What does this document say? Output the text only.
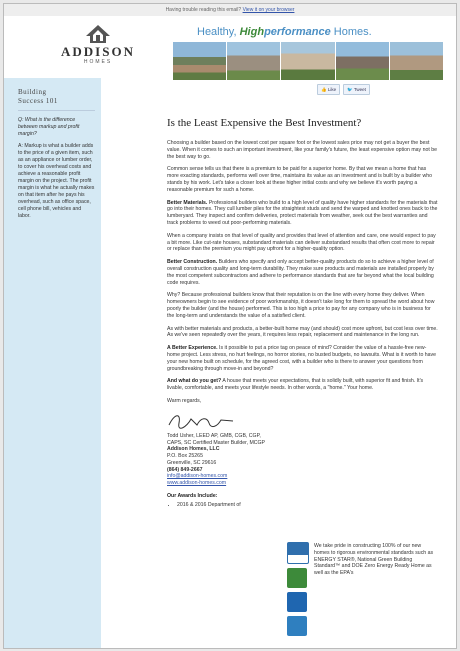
Having trouble reading this email? View it on your browser
ADDISON
HOMES
Healthy, Highperformance Homes.
Building
Success 101
Q: What is the difference between markup and profit margin?
A: Markup is what a builder adds to the price of a given item, such as an appliance or lumber order, to cover his overhead costs and achieve a reasonable profit margin on the project. The profit margin is what he actually makes on that item after he pays his overhead, such as office space, cell phone bill, vehicles and labor.
👍 Like	🐦 Tweet
Is the Least Expensive the Best Investment?

Choosing a builder based on the lowest cost per square foot or the lowest sales price may not get a buyer the best value. When it comes to such an important investment, like your family's future, the least expensive option may not be the best way to go.

Common sense tells us that there is a premium to be paid for a superior home. By that we mean a home that has more exacting standards, performs well over time, maintains its value as an investment and is built by a builder who stands by his work. Let's take a closer look at these higher initial costs and why we believe it's worth paying a reasonable premium for such a home.

Better Materials. Professional builders who build to a high level of quality have higher standards for the materials that go into their homes. They cull lumber piles for the straightest studs and send the warped and knotted ones back to the lumberyard. They inspect and confirm deliveries, protect materials from weather, seek out the best warranties and track problems to weed out poor-performing materials.

When a company insists on that level of quality and provides that level of attention and care, one would expect to pay a bit more. Like cut-rate houses, substandard materials can deliver substandard results that often cost more to repair or replace than the premium you might pay upfront for a higher-quality option.

Better Construction. Builders who specify and only accept better-quality products do so to achieve a higher level of overall construction quality and long-term durability. They make sure products and materials are installed properly by the most competent subcontractors and adhere to performance standards that are far beyond what the local building code requires.

Why? Because professional builders know that their reputation is on the line with every home they deliver. When homeowners begin to see evidence of poor workmanship, it doesn't take long for them to spread the word about how poorly the builder (and the house) performed. This is too high a price to pay for any company who is in business for the long-term and understands the value of a satisfied client.

As with better materials and products, a better-built home may (and should) cost more upfront, but cost less over time. As we've seen repeatedly over the years, it requires less repair, replacement and maintenance in the long run.

A Better Experience. Is it possible to put a price tag on peace of mind? Consider the value of a hassle-free new-home project. Less stress, no hurt feelings, no horror stories, no busted budgets, no lawsuits. What is it worth to have your new home built on schedule, for the agreed cost, with a builder who is there to answer your questions from groundbreaking through move-in and beyond?

And what do you get? A house that meets your expectations, that is solidly built, with superior fit and finish. It's livable, comfortable, and meets your lifestyle needs. In other words, a "home." Your home.

Warm regards,

Todd Usher, LEED AP, GMB, CGB, CGP, CAPS, SC Certified Master Builder, MCGP
Addison Homes, LLC
P.O. Box 25265
Greenville, SC 29616
(864) 849-2667
info@addison-homes.com
www.addison-homes.com
Our Awards Include:
• 2016 & 2016 Department of
We take pride in constructing 100% of our new homes to rigorous environmental standards such as ENERGY STAR®, National Green Building Standard™ and DOE Zero Energy Ready Home as well as the EPA's
